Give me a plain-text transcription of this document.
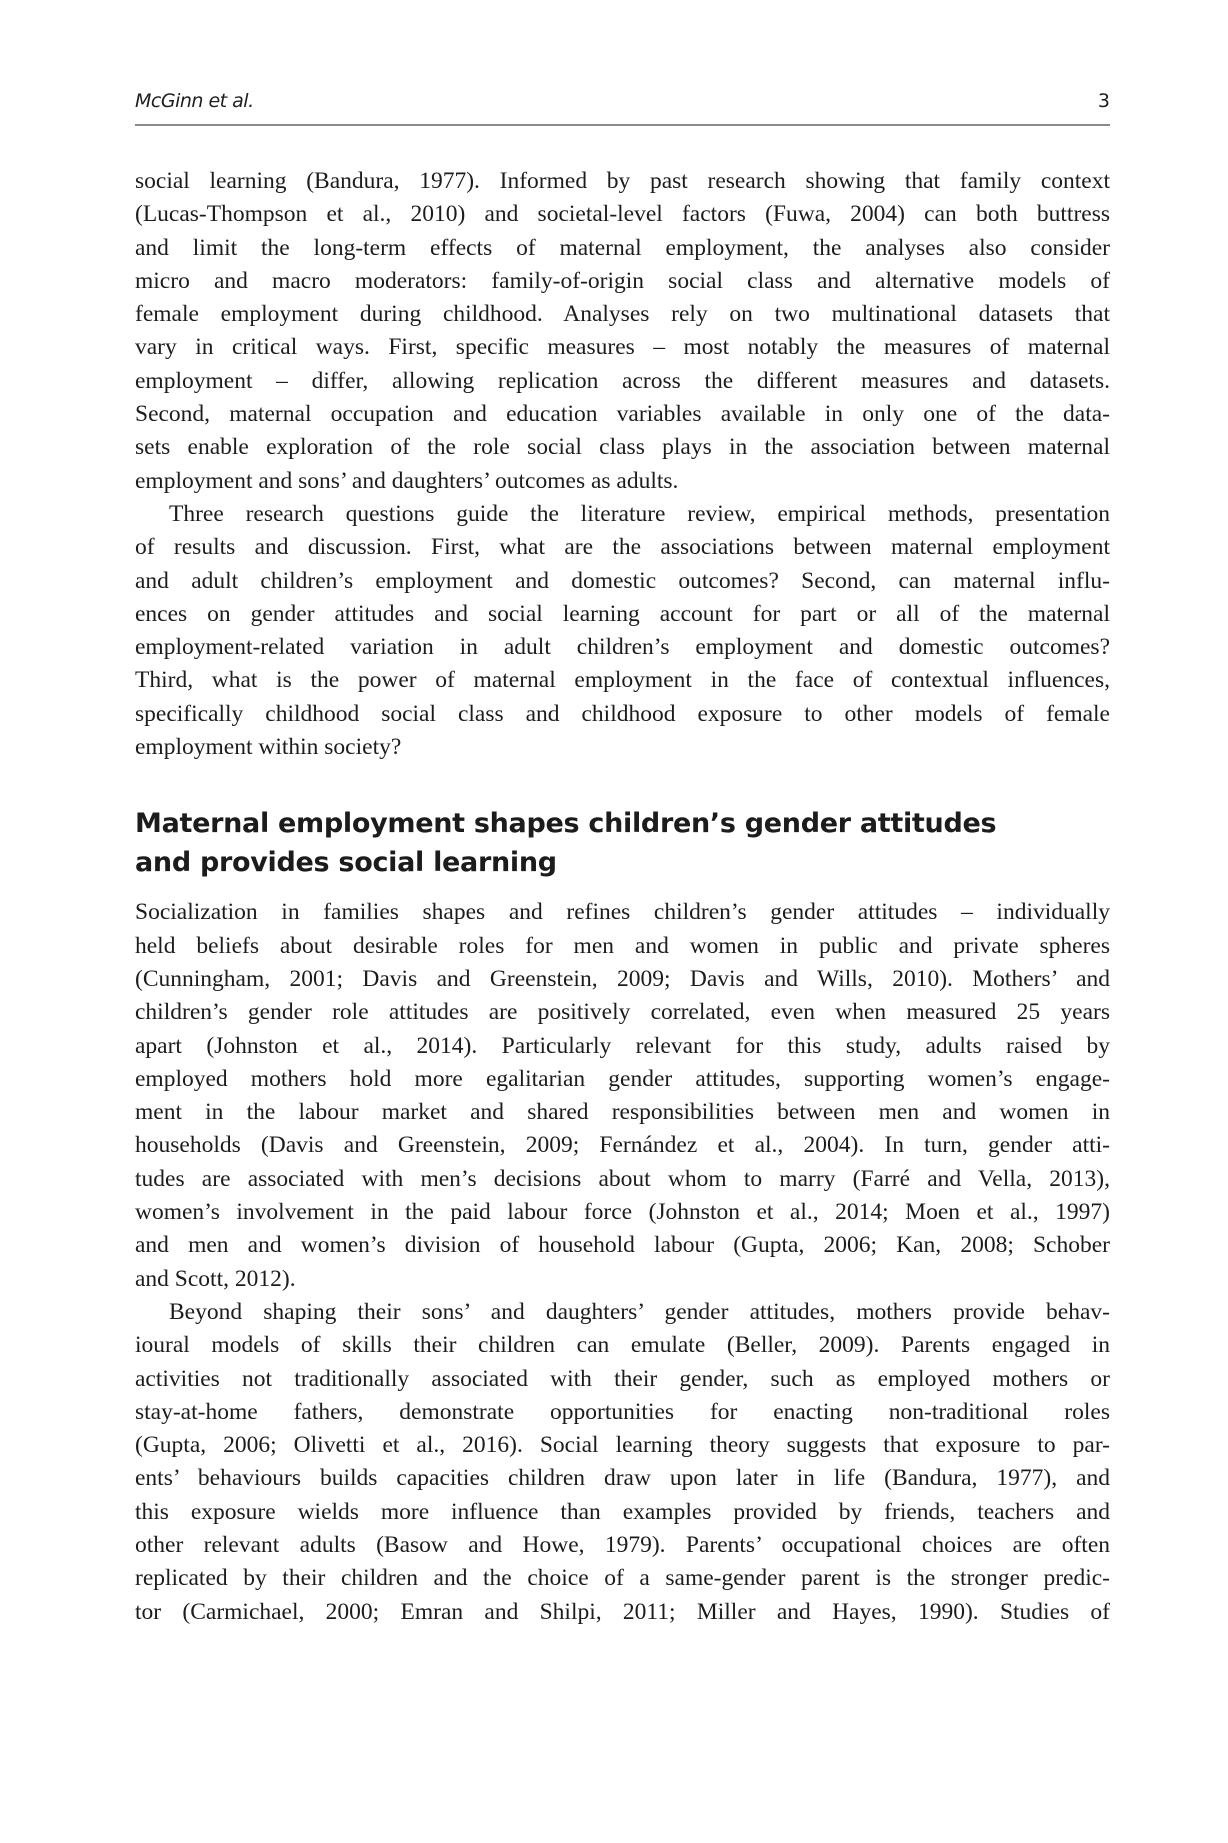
McGinn et al.	3

social learning (Bandura, 1977). Informed by past research showing that family context
(Lucas-Thompson et al., 2010) and societal-level factors (Fuwa, 2004) can both buttress
and limit the long-term effects of maternal employment, the analyses also consider
micro and macro moderators: family-of-origin social class and alternative models of
female employment during childhood. Analyses rely on two multinational datasets that
vary in critical ways. First, specific measures – most notably the measures of maternal
employment – differ, allowing replication across the different measures and datasets.
Second, maternal occupation and education variables available in only one of the data-
sets enable exploration of the role social class plays in the association between maternal
employment and sons’ and daughters’ outcomes as adults.

Three research questions guide the literature review, empirical methods, presentation
of results and discussion. First, what are the associations between maternal employment
and adult children’s employment and domestic outcomes? Second, can maternal influ-
ences on gender attitudes and social learning account for part or all of the maternal
employment-related variation in adult children’s employment and domestic outcomes?
Third, what is the power of maternal employment in the face of contextual influences,
specifically childhood social class and childhood exposure to other models of female
employment within society?

Maternal employment shapes children’s gender attitudes
and provides social learning

Socialization in families shapes and refines children’s gender attitudes – individually
held beliefs about desirable roles for men and women in public and private spheres
(Cunningham, 2001; Davis and Greenstein, 2009; Davis and Wills, 2010). Mothers’ and
children’s gender role attitudes are positively correlated, even when measured 25 years
apart (Johnston et al., 2014). Particularly relevant for this study, adults raised by
employed mothers hold more egalitarian gender attitudes, supporting women’s engage-
ment in the labour market and shared responsibilities between men and women in
households (Davis and Greenstein, 2009; Fernández et al., 2004). In turn, gender atti-
tudes are associated with men’s decisions about whom to marry (Farré and Vella, 2013),
women’s involvement in the paid labour force (Johnston et al., 2014; Moen et al., 1997)
and men and women’s division of household labour (Gupta, 2006; Kan, 2008; Schober
and Scott, 2012).

Beyond shaping their sons’ and daughters’ gender attitudes, mothers provide behav-
ioural models of skills their children can emulate (Beller, 2009). Parents engaged in
activities not traditionally associated with their gender, such as employed mothers or
stay-at-home fathers, demonstrate opportunities for enacting non-traditional roles
(Gupta, 2006; Olivetti et al., 2016). Social learning theory suggests that exposure to par-
ents’ behaviours builds capacities children draw upon later in life (Bandura, 1977), and
this exposure wields more influence than examples provided by friends, teachers and
other relevant adults (Basow and Howe, 1979). Parents’ occupational choices are often
replicated by their children and the choice of a same-gender parent is the stronger predic-
tor (Carmichael, 2000; Emran and Shilpi, 2011; Miller and Hayes, 1990). Studies of
